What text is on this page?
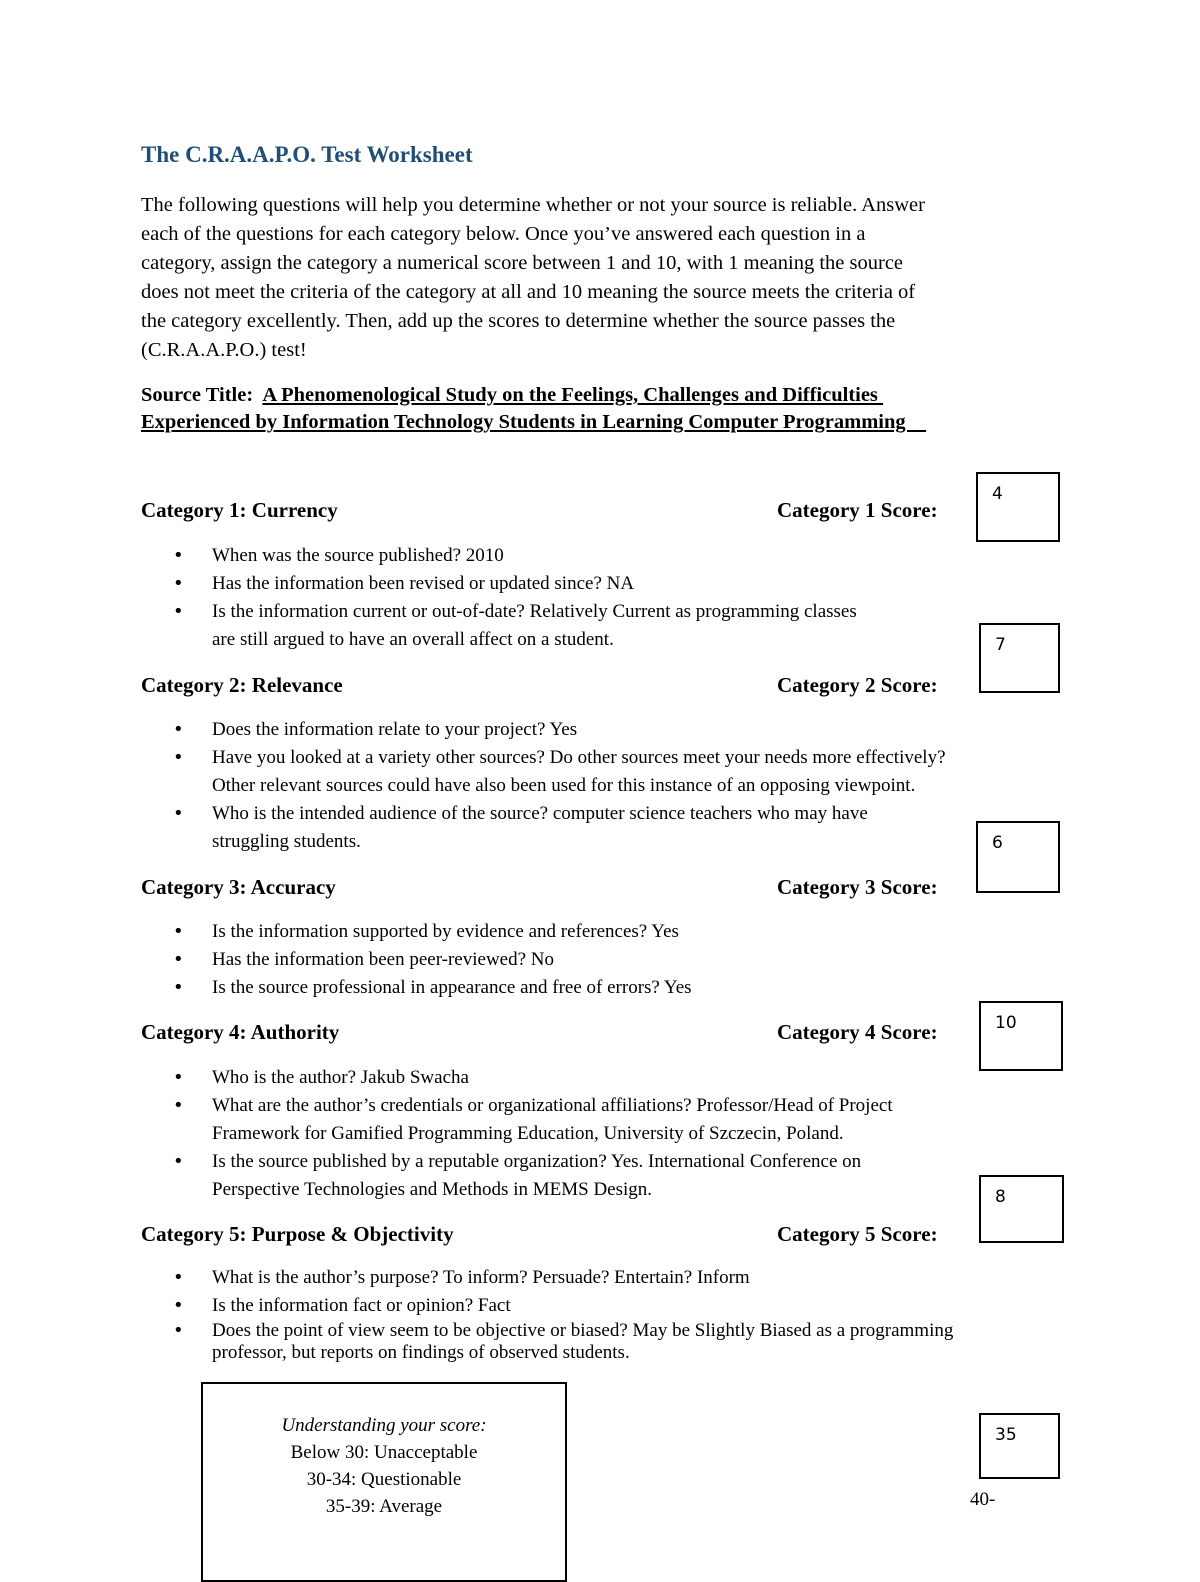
The C.R.A.A.P.O. Test Worksheet
The following questions will help you determine whether or not your source is reliable. Answer
each of the questions for each category below. Once you’ve answered each question in a
category, assign the category a numerical score between 1 and 10, with 1 meaning the source
does not meet the criteria of the category at all and 10 meaning the source meets the criteria of
the category excellently. Then, add up the scores to determine whether the source passes the
(C.R.A.A.P.O.) test!
Source Title: A Phenomenological Study on the Feelings, Challenges and Difficulties
Experienced by Information Technology Students in Learning Computer Programming
Category 1: Currency	Category 1 Score:
4
• When was the source published? 2010
• Has the information been revised or updated since? NA
• Is the information current or out-of-date? Relatively Current as programming classes
are still argued to have an overall affect on a student.
Category 2: Relevance	Category 2 Score:
7
• Does the information relate to your project? Yes
• Have you looked at a variety other sources? Do other sources meet your needs more effectively?
Other relevant sources could have also been used for this instance of an opposing viewpoint.
• Who is the intended audience of the source? computer science teachers who may have
struggling students.
Category 3: Accuracy	Category 3 Score:
6
• Is the information supported by evidence and references? Yes
• Has the information been peer-reviewed? No
• Is the source professional in appearance and free of errors? Yes
Category 4: Authority	Category 4 Score:	10
• Who is the author? Jakub Swacha
• What are the author’s credentials or organizational affiliations? Professor/Head of Project
Framework for Gamified Programming Education, University of Szczecin, Poland.
• Is the source published by a reputable organization? Yes. International Conference on
Perspective Technologies and Methods in MEMS Design.
Category 5: Purpose & Objectivity	Category 5 Score:
8
• What is the author’s purpose? To inform? Persuade? Entertain? Inform
• Is the information fact or opinion? Fact
• Does the point of view seem to be objective or biased? May be Slightly Biased as a programming
professor, but reports on findings of observed students.
Understanding your score:
Below 30: Unacceptable
30-34: Questionable
35-39: Average
35
40-
